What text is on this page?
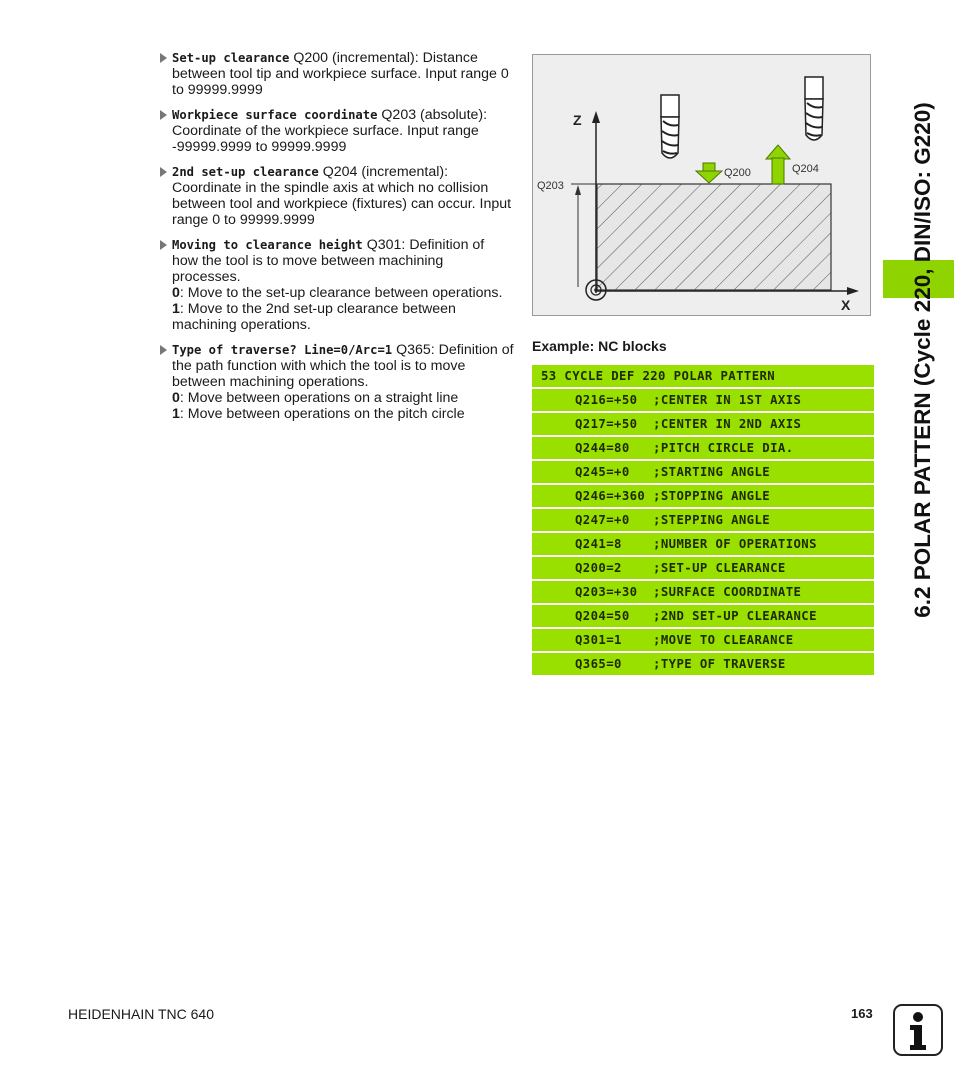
Set-up clearance Q200 (incremental): Distance between tool tip and workpiece surface. Input range 0 to 99999.9999
Workpiece surface coordinate Q203 (absolute): Coordinate of the workpiece surface. Input range -99999.9999 to 99999.9999
2nd set-up clearance Q204 (incremental): Coordinate in the spindle axis at which no collision between tool and workpiece (fixtures) can occur. Input range 0 to 99999.9999
Moving to clearance height Q301: Definition of how the tool is to move between machining processes.
0: Move to the set-up clearance between operations.
1: Move to the 2nd set-up clearance between machining operations.
Type of traverse? Line=0/Arc=1 Q365: Definition of the path function with which the tool is to move between machining operations.
0: Move between operations on a straight line
1: Move between operations on the pitch circle
Z
X
Q203
Q200	Q204
Example: NC blocks
53 CYCLE DEF 220 POLAR PATTERN
Q216=+50  ;CENTER IN 1ST AXIS
Q217=+50  ;CENTER IN 2ND AXIS
Q244=80   ;PITCH CIRCLE DIA.
Q245=+0   ;STARTING ANGLE
Q246=+360 ;STOPPING ANGLE
Q247=+0   ;STEPPING ANGLE
Q241=8    ;NUMBER OF OPERATIONS
Q200=2    ;SET-UP CLEARANCE
Q203=+30  ;SURFACE COORDINATE
Q204=50   ;2ND SET-UP CLEARANCE
Q301=1    ;MOVE TO CLEARANCE
Q365=0    ;TYPE OF TRAVERSE
6.2 POLAR PATTERN (Cycle 220, DIN/ISO: G220)
HEIDENHAIN TNC 640	163
